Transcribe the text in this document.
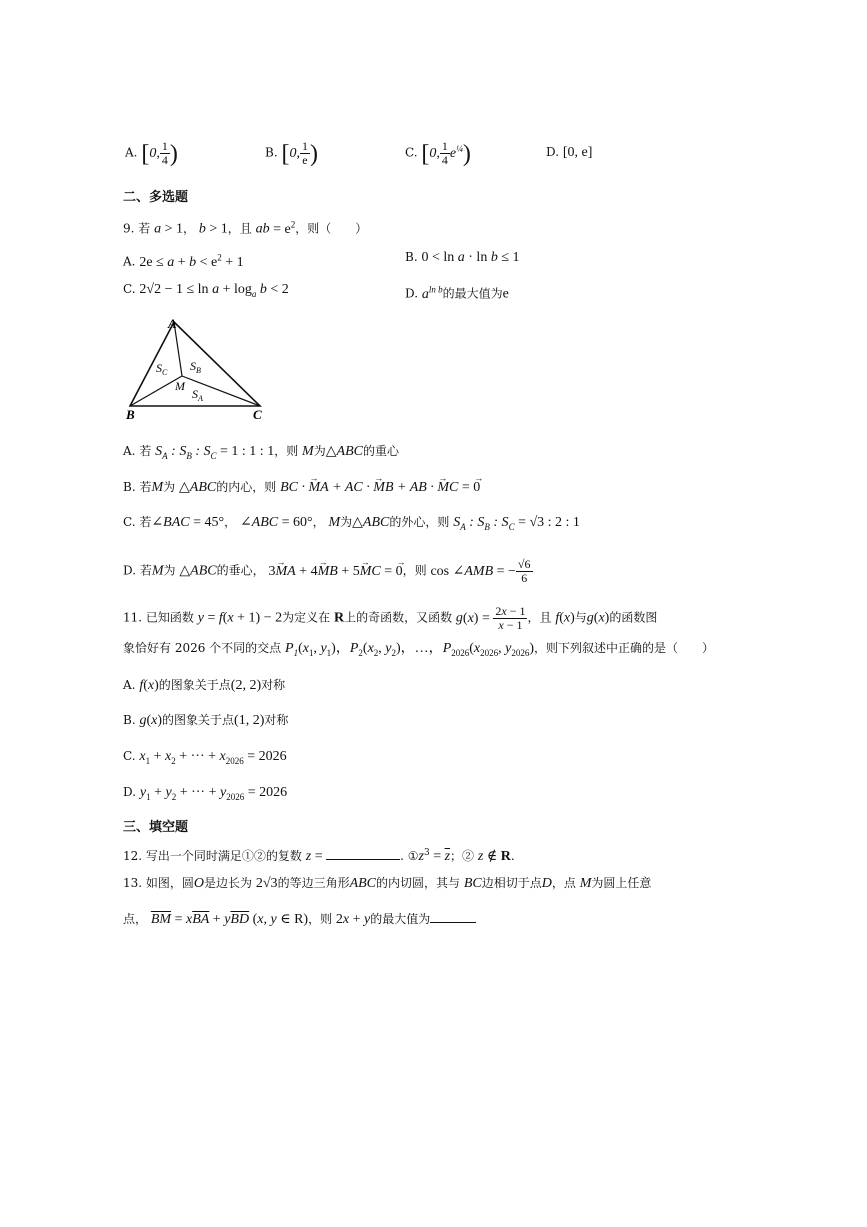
A. [0, $\frac{1}{4}$ )	B. [0, $\frac{1}{e}$ )	C. [0, $\frac{1}{4} e^{\frac{1}{4}}$)	D. [0, e]
二、多选题
9. 若 a > 1， b > 1，且 ab = $e^2$，则（　　）
A. $2e \le a + b < e^2 + 1$	B. 0 < ln a · ln b ≤ 1
C. $2√2 - 1 \le \ln a + \log_a b < 2$	D. $a^{ln b}$的最大值为e
A
B	C
M
$S_C$ $S_B$
$S_A$
A. 若 $S_A$ : $S_B$ : $S_C = 1$ : 1 : 1，则 M为△ABC的重心
B. 若M为 △ABC的内心，则 BC · → MA + AC · → MB + AB · → MC = → 0
C. 若∠BAC = 45°， ∠ABC = 60°， M为△ABC的外心，则 $S_A$ : $S_B$ : $S_C = √3$ : 2 : 1
D. 若M为 △ABC的垂心， 3→ MA + 4→ MB + 5→ MC = → 0，则 cos ∠AMB = − $\frac{√6}{6}$
11. 已知函数 y = f(x + 1) − 2为定义在 R上的奇函数，又函数 $g(x) = \frac{2x - 1}{x - 1}$ ，且 f(x)与g(x)的函数图
象恰好有 2026 个不同的交点 $P_1(x_1$, $y_1$)，$P_2(x_2$, $y_2$)，…，$P_{2026}(x_{2026}$, $y_{2026}$)，则下列叙述中正确的是（　　）
A. f(x)的图象关于点(2, 2)对称
B. g(x)的图象关于点(1, 2)对称
C. $x_1 + x_2$ + ··· + $x_{2026} = 2026$
D. $y_1 + y_2$ + ··· + $y_{2026} = 2026$
三、填空题
12. 写出一个同时满足①②的复数 z =	. $①z^3 = \overline{z}$；② z ∉ R.
13. 如图，圆O是边长为 2√3的等边三角形ABC的内切圆，其与 BC边相切于点D，点 M为圆上任意
点， $\overline{BM} = x\overline{BA} + y\overline{BD}$ (x, y ∈ R)，则 2x + y的最大值为
